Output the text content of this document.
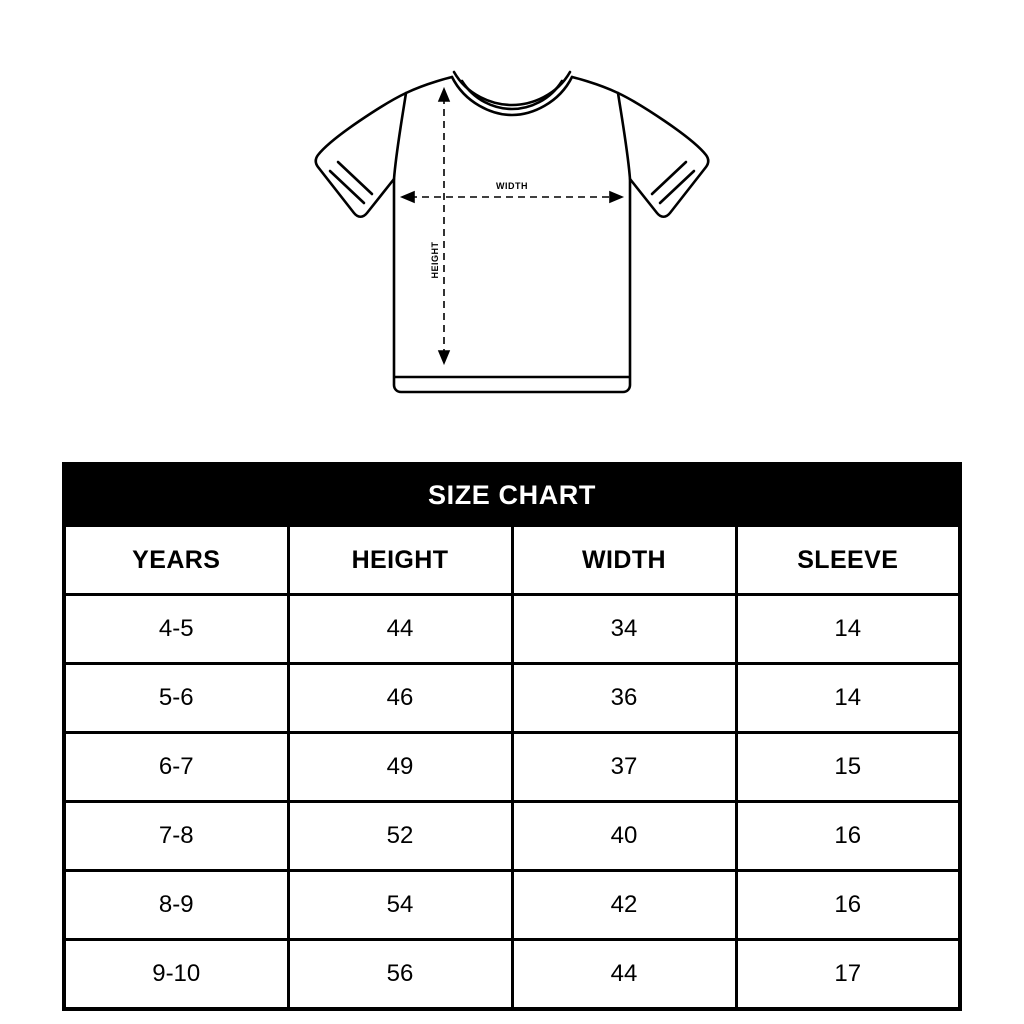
WIDTH
HEIGHT
SIZE CHART			
YEARS	HEIGHT	WIDTH	SLEEVE
4-5	44	34	14
5-6	46	36	14
6-7	49	37	15
7-8	52	40	16
8-9	54	42	16
9-10	56	44	17
